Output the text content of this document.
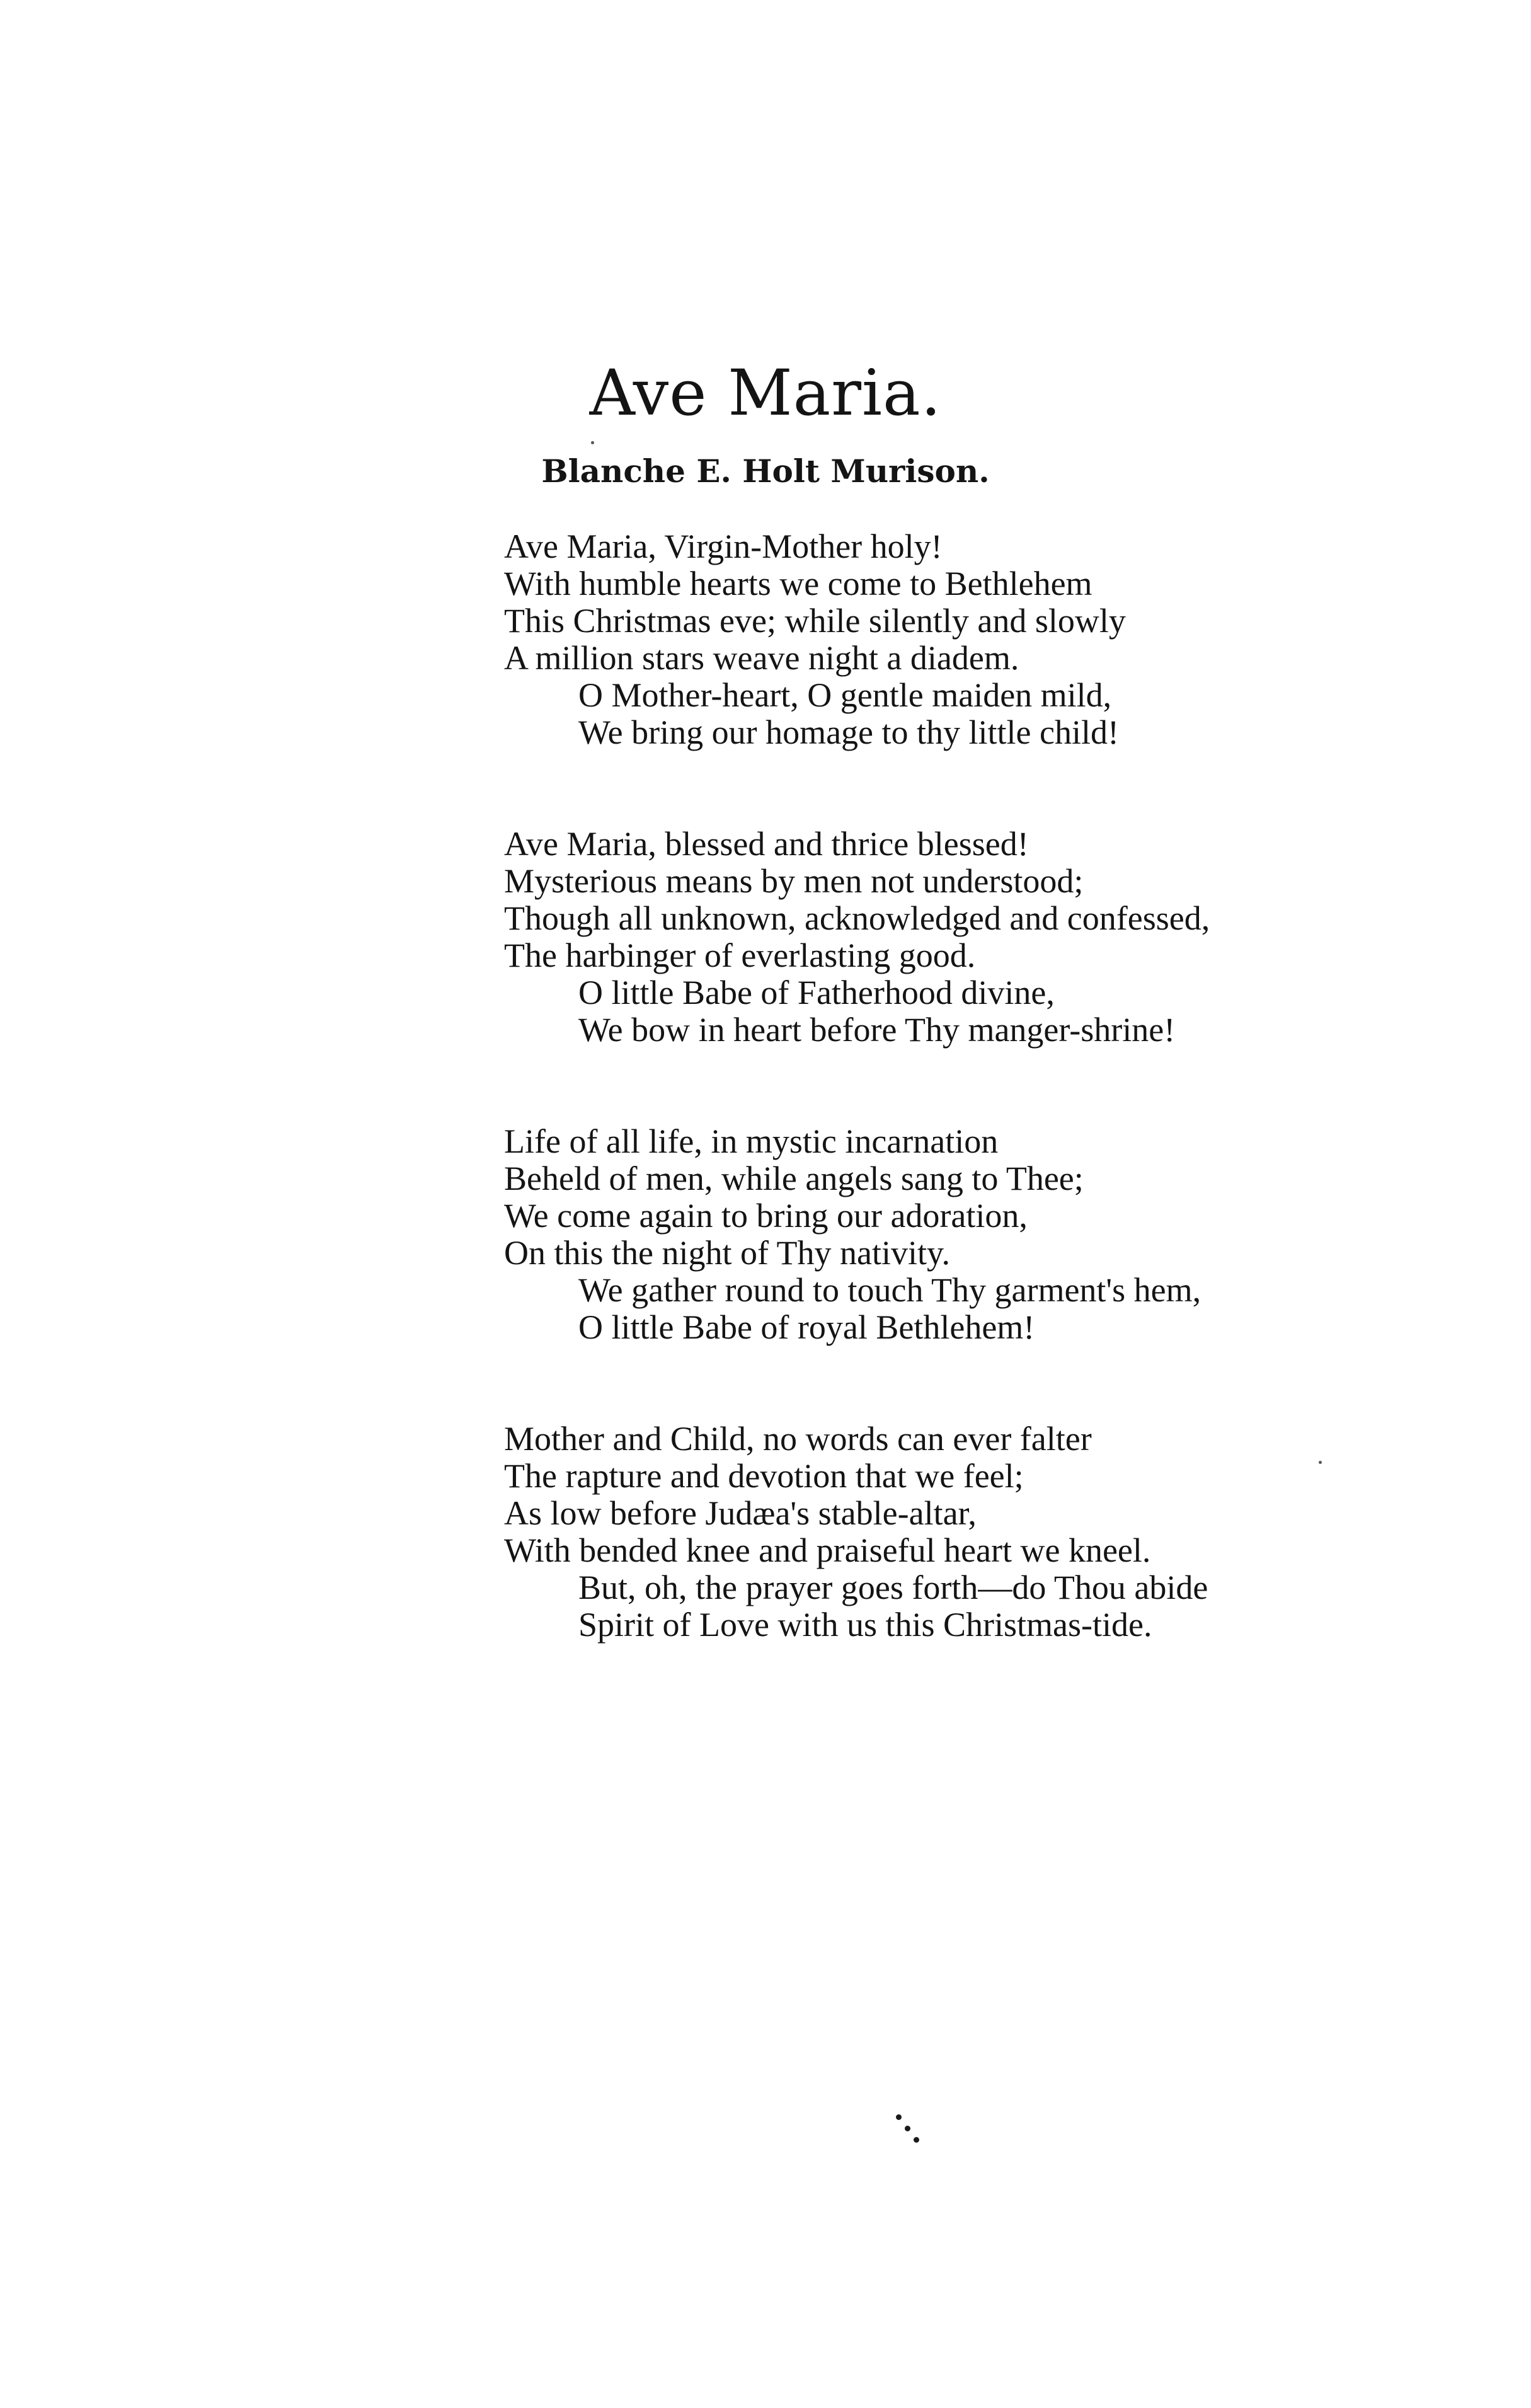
Ave Maria.
Blanche E. Holt Murison.
Ave Maria, Virgin-Mother holy!
With humble hearts we come to Bethlehem
This Christmas eve; while silently and slowly
A million stars weave night a diadem.
O Mother-heart, O gentle maiden mild,
We bring our homage to thy little child!
Ave Maria, blessed and thrice blessed!
Mysterious means by men not understood;
Though all unknown, acknowledged and confessed,
The harbinger of everlasting good.
O little Babe of Fatherhood divine,
We bow in heart before Thy manger-shrine!
Life of all life, in mystic incarnation
Beheld of men, while angels sang to Thee;
We come again to bring our adoration,
On this the night of Thy nativity.
We gather round to touch Thy garment's hem,
O little Babe of royal Bethlehem!
Mother and Child, no words can ever falter
The rapture and devotion that we feel;
As low before Judæa's stable-altar,
With bended knee and praiseful heart we kneel.
But, oh, the prayer goes forth—do Thou abide
Spirit of Love with us this Christmas-tide.
